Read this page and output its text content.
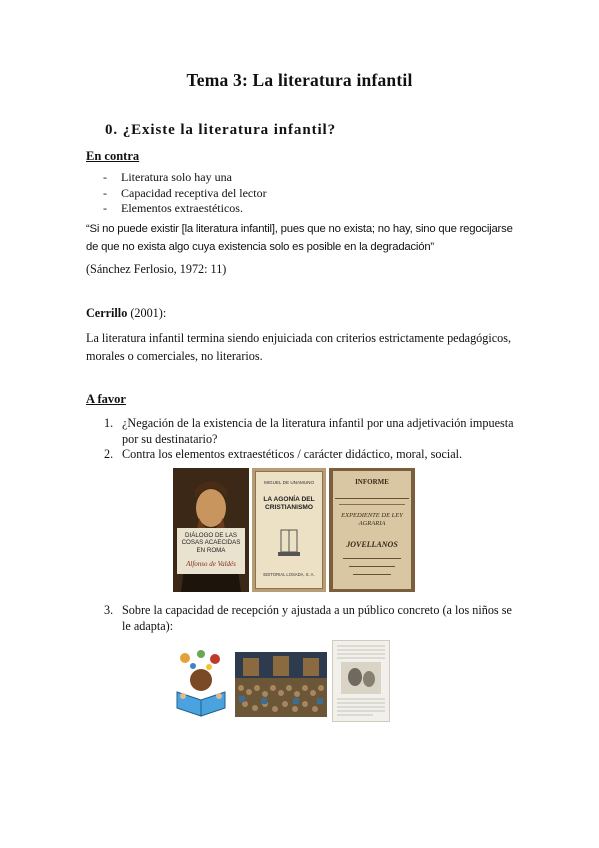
Tema 3: La literatura infantil
0. ¿Existe la literatura infantil?
En contra
- Literatura solo hay una
- Capacidad receptiva del lector
- Elementos extraestéticos.
“Si no puede existir [la literatura infantil], pues que no exista; no hay, sino que regocijarse
de que no exista algo cuya existencia solo es posible en la degradación”
(Sánchez Ferlosio, 1972: 11)
Cerrillo (2001):
La literatura infantil termina siendo enjuiciada con criterios estrictamente pedagógicos,
morales o comerciales, no literarios.
A favor
1. ¿Negación de la existencia de la literatura infantil por una adjetivación impuesta
por su destinatario?
2. Contra los elementos extraestéticos / carácter didáctico, moral, social.
DIÁLOGO DE LAS COSAS ACAECIDAS EN ROMA
Alfonso de Valdés
MIGUEL DE UNAMUNO
LA AGONÍA DEL CRISTIANISMO
EDITORIAL LOSADA, S. A.
INFORME
EXPEDIENTE DE LEY AGRARIA
JOVELLANOS
3. Sobre la capacidad de recepción y ajustada a un público concreto (a los niños se
le adapta):
